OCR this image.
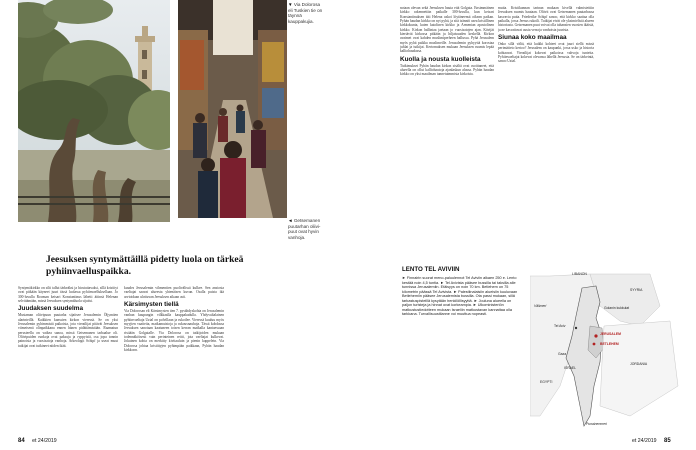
◄ Getsemanen puutarhan oliivi-puut ovat hyvin vanhoja.
▼ Via Dolorosa eli Tuskien tie on täynnä kauppakujia.
Jeesuksen syntymättäillä pidetty luola on tärkeä pyhiinvaelluspaikka.

Syntymäkirkko on silti tallut tärkeäksi ja hiostuttavaksi, sillä kristityt ovat pitkään käyneet juuri tässä luolassa pyhiinvaelluksellaan. Jo 300-luvulla Rooman keisari Konstantinus lähetti äitinsä Helenan selvittämään, missä Jeesuksen syntymäluola sijaitsi.

Juudaksen suudelma

Mustaman oliivipuun puutarha sijaitsee Jerusalemin Öljymäen alarinteillä. Kaikkien kanssien kirkon vieressä. Se on yksi Jerusalemin pyhimmistä paikoista, jota vierailijat pitävät Jeesuksen viimeisenä olinpaikkana ennen hänen pidättämistään. Raamatun perusteella on vaikea sanoa, missä Getsemanen tarhaalue oli. Oliivipuiden runkoja ovat paksuja ja ryppyisiä, osa jopa tonnin painoisia ja vuosisatoja vanhoja. Arkeologit Schipf ja useat muut tutkijat ovat tutkineet niiden ikää.

kuudes Jerusalemin vihmentien puolivälissä kulkee. Sen ansiosta vaeltajat saavat alueesta yhtenäisen kuvan. Osalla puista ikä arvioidaan ulottuvan Jeesuksen aikaan asti.

Kärsimysten tiellä

Via Dolorosan eli Kärsimysten tien 7. pysähdyskohta on Jerusalemin vanhan kaupungin vilkkaalla kauppakadulla. Yhdyvaltalainen pyhiinvaeltaja Uzial on polvillaan ja rukoilee. Vieressä kuuluu myös myyjien vaatteita, matkamuistoja ja rukousnauhoja. Tässä kohdassa Jeesuksen sanotaan kaatuneen toisen kerran matkalla kantaessaan ristiään Golgatalle. Via Dolorosa on tutkijoiden mukaan todennäköisesti vain perinteinen reitti, jota vaeltajat kulkevat. Jokainen kohta on merkitty kivitauluin ja pienin kappelein. Via Dolorosa johtaa kristittyjen pyhimpään paikkaan, Pyhän haudan kirkkoon.

notaan olevan sekä Jeesuksen hauta että Golgata. Ensimmäinen kirkko rakennettiin paikalle 300-luvulla, kun keisari Konstantinuksen äiti Helena uskoi löytäneensä oikean paikan. Pyhän haudan kirkko on nyt pyhä, ja sitä isännöi usea kristillinen kirkkokunta, kuten katolinen kirkko ja Armenian apostolinen kirkko. Kirkon hallintaa jaetaan jo vuosisatojen ajan. Kävijät kiertävät kirkossa pitkään ja hiljaisuuden keskellä. Kirkon avaimet ovat kahden muslimiperheen hallussa. Pyhä Jerusalem myös pyhä paikka muslimeille. Jerusalemin pyhyyttä korostaa juhlat ja tutkijat. Kertomuksen mukaan Jeesuksen ruumis lepää kalliohaudassa.

Kuolla ja nousta kuolleista

Tutkimukset Pyhän haudan kirkon sisältä ovat osoittaneet, että alueella on ollut kalliohautoja ajanlaskun alussa. Pyhän haudan kirkko on yksi maailman tunnetuimmista kirkoista.

muita. Kristikunnan tarinan mukaan kivellä valmistettiin Jeesuksen ruumis hautaan. Oliivit ovat Getsemanen puutarhassa kasvavia puita. Friederike Schipf sanoo, että kirkko saattaa olla paikalla, jossa Jeesus rukoili. Tutkijat eivät ole yksimielisiä alueen historiasta. Getsemanen puut voivat olla tuhansien vuosien ikäisiä, ja ne kasvattavat uusia versoja vanhoista juurista.

Siunaa koko maailmaa

Onko sillä väliä, että kaikki kohteet ovat juuri siellä missä perimätieto kertoo? Jerusalem on kaupunki, jossa usko ja historia kohtaavat. Vierailijat kokevat paikoissa vahvoja tunteita. Pyhiinvaeltajat kokevat olevansa lähellä Jeesusta. Se on tärkeintä, sanoo Uzial.

LENTO TEL AVIVIIN

► Finnairin suorat meno-paluulennot Tel Aviviin alkaen 250 e. Lento kestää noin 4,5 tuntia. ► Tel Avivista pääsee bussilla tai taksilla alle tunnissa Jerusalemiin. Etäisyys on noin 70 km. Betlehem on 75 kilometrin päässä Tel Avivista. ► Palestiinalaisiin alueisiin kuuluvaan Betlehemiin pääsee Jerusalemista bussilla. Ota passi mukaan, sillä tarkastuspisteillä kysytään henkilöllisyyttä. ► Jouluna alueella on paljon turisteja ja hinnat ovat korkeampia. ► Ulkoministeriön matkustustiedotteen mukaan Israeliin matkustavan kannattaa olla tarkkana. Turvallisuustilanne voi muuttua nopeasti.

LIBANON
Välimeri
SYYRIA
Golanin kukkulat
Tel Aviv
JERUSALEM
BETLEHEM
Gaza
ISRAEL
JORDANIA
EGYPTI
Punainenmeri
84 et 24/2019	et 24/2019 85
